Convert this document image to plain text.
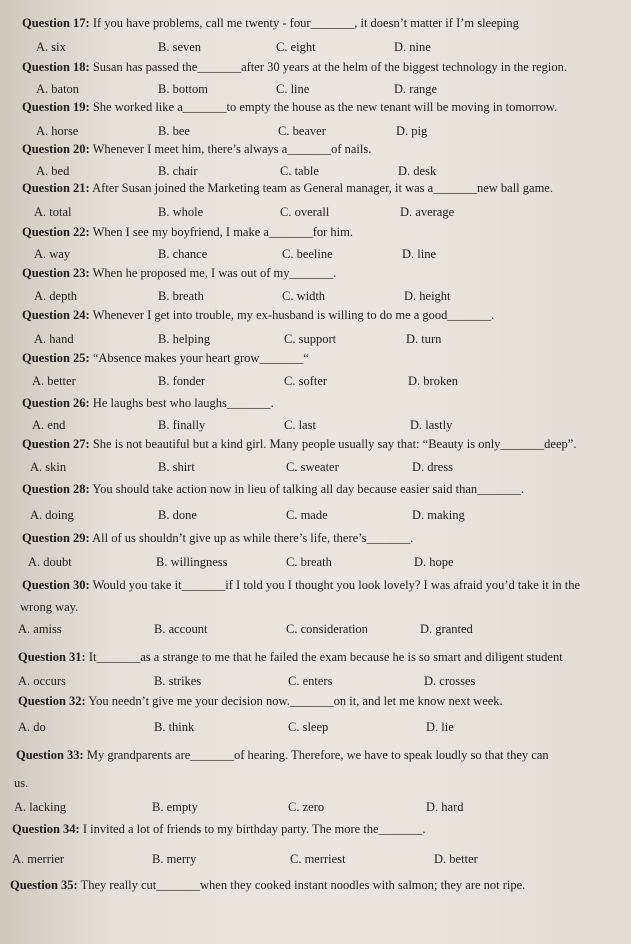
Question 17: If you have problems, call me twenty - four_______, it doesn’t matter if I’m sleeping
A. six	B. seven	C. eight	D. nine
Question 18: Susan has passed the_______after 30 years at the helm of the biggest technology in the region.
A. baton	B. bottom	C. line	D. range
Question 19: She worked like a_______to empty the house as the new tenant will be moving in tomorrow.
A. horse	B. bee	C. beaver	D. pig
Question 20: Whenever I meet him, there’s always a_______of nails.
A. bed	B. chair	C. table	D. desk
Question 21: After Susan joined the Marketing team as General manager, it was a_______new ball game.
A. total	B. whole	C. overall	D. average
Question 22: When I see my boyfriend, I make a_______for him.
A. way	B. chance	C. beeline	D. line
Question 23: When he proposed me, I was out of my_______.
A. depth	B. breath	C. width	D. height
Question 24: Whenever I get into trouble, my ex-husband is willing to do me a good_______.
A. hand	B. helping	C. support	D. turn
Question 25: “Absence makes your heart grow_______“
A. better	B. fonder	C. softer	D. broken
Question 26: He laughs best who laughs_______.
A. end	B. finally	C. last	D. lastly
Question 27: She is not beautiful but a kind girl. Many people usually say that: “Beauty is only_______deep”.
A. skin	B. shirt	C. sweater	D. dress
Question 28: You should take action now in lieu of talking all day because easier said than_______.
A. doing	B. done	C. made	D. making
Question 29: All of us shouldn’t give up as while there’s life, there’s_______.
A. doubt	B. willingness	C. breath	D. hope
Question 30: Would you take it_______if I told you I thought you look lovely? I was afraid you’d take it in the
wrong way.
A. amiss	B. account	C. consideration	D. granted
Question 31: It_______as a strange to me that he failed the exam because he is so smart and diligent student
A. occurs	B. strikes	C. enters	D. crosses
Question 32: You needn’t give me your decision now._______on it, and let me know next week.
A. do	B. think	C. sleep	D. lie
Question 33: My grandparents are_______of hearing. Therefore, we have to speak loudly so that they can
us.
A. lacking	B. empty	C. zero	D. hard
Question 34: I invited a lot of friends to my birthday party. The more the_______.
A. merrier	B. merry	C. merriest	D. better
Question 35: They really cut_______when they cooked instant noodles with salmon; they are not ripe.
